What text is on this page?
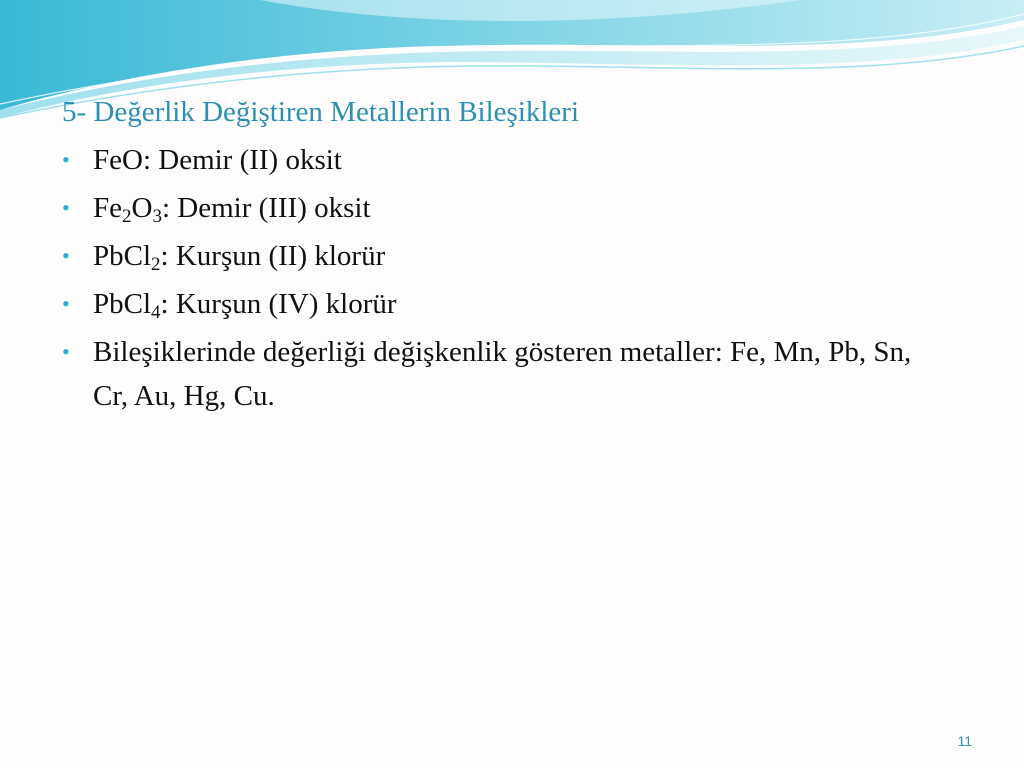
5- Değerlik Değiştiren Metallerin Bileşikleri
• FeO: Demir (II) oksit
• $Fe_2O_3$: Demir (III) oksit
• PbCl$_2$: Kurşun (II) klorür
• PbCl$_4$: Kurşun (IV) klorür
• Bileşiklerinde değerliği değişkenlik gösteren metaller: Fe, Mn, Pb, Sn, Cr, Au, Hg, Cu.
11
